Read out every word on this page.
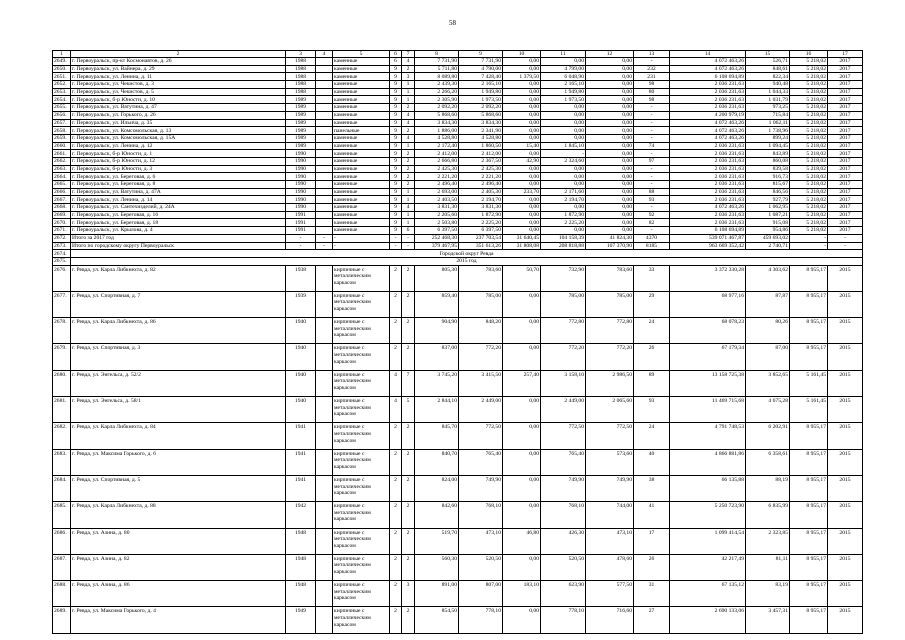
58
1	2	3	4	5	6	7	8	9	10	11	12	13	14	15	16	17
2649.	г. Первоуральск, пр-кт Космонавтов, д. 26	1988		каменные	6	4	7 731,90	7 731,90	0,00	0,00	0,00	-	4 072 463,26	526,71	5 218,02	2017
2650.	г. Первоуральск, ул. Вайнера, д. 29	1988		каменные	9	2	5 711,80	4 790,00	0,00	4 799,00	0,00	232	4 072 463,26	848,61	5 218,02	2017
2651.	г. Первоуральск, ул. Ленина, д. 11	1988		каменные	9	3	8 089,80	7 428,40	1 379,50	6 048,90	0,00	231	6 108 694,89	822,34	5 218,02	2017
2652.	г. Первоуральск, ул. Чекистов, д. 3	1988		каменные	9	1	2 439,30	2 165,10	0,00	2 165,10	0,00	98	2 036 231,63	940,48	5 218,02	2017
2653.	г. Первоуральск, ул. Чекистов, д. 5	1988		каменные	9	1	2 266,20	1 949,80	0,00	1 949,80	0,00	80	2 036 231,63	1 044,33	5 218,02	2017
2654.	г. Первоуральск, б-р Юности, д. 10	1989		каменные	9	1	2 305,90	1 973,50	0,00	1 973,50	0,00	98	2 036 231,63	1 031,79	5 218,02	2017
2655.	г. Первоуральск, ул. Ватутина, д. 47	1989		каменные	9	2	2 092,20	2 092,20	0,00	0,00	0,00	-	2 036 231,63	973,25	5 218,02	2017
2656.	г. Первоуральск, ул. Горького, д. 26	1989		каменные	9	4	5 868,60	5 868,60	0,00	0,00	0,00	-	4 200 979,19	715,84	5 218,02	2017
2657.	г. Первоуральск, ул. Ильича, д. 35	1989		каменные	9	4	3 834,30	3 834,30	0,00	0,00	0,00	-	4 072 463,26	1 062,11	5 218,02	2017
2658.	г. Первоуральск, ул. Комсомольская, д. 13	1989		панельные	9	2	1 886,00	2 341,90	0,00	0,00	0,00	-	4 072 463,26	1 738,96	5 218,02	2017
2659.	г. Первоуральск, ул. Комсомольская, д. 15А	1989		каменные	9	4	4 528,80	4 528,80	0,00	0,00	0,00	-	4 072 463,26	899,24	5 218,02	2017
2660.	г. Первоуральск, ул. Ленина, д. 12	1989		каменные	9	1	2 172,40	1 860,50	15,40	1 845,10	0,00	74	2 036 231,63	1 094,45	5 218,02	2017
2661.	г. Первоуральск, б-р Юности, д. 1	1990		каменные	9	2	2 412,00	2 412,00	0,00	-	0,00	-	2 036 231,63	843,89	5 218,02	2017
2662.	г. Первоуральск, б-р Юности, д. 12	1990		каменные	9	2	2 666,80	2 367,50	42,90	2 324,60	0,00	97	2 036 231,63	860,08	5 218,02	2017
2663.	г. Первоуральск, б-р Юности, д. 3	1990		каменные	9	2	2 425,30	2 425,30	0,00	0,00	0,00	-	2 036 231,63	839,58	5 218,02	2017
2664.	г. Первоуральск, ул. Береговая, д. 6	1990		каменные	9	2	2 221,20	2 221,20	0,00	0,00	0,00	-	2 036 231,63	916,73	5 218,02	2017
2665.	г. Первоуральск, ул. Береговая, д. 8	1990		каменные	9	2	2 496,40	2 496,40	0,00	0,00	0,00	-	2 036 231,63	815,67	5 218,02	2017
2666.	г. Первоуральск, ул. Ватутина, д. 47А	1990		каменные	9	1	2 693,00	2 405,30	233,70	2 171,60	0,00	88	2 036 231,63	846,56	5 218,02	2017
2667.	г. Первоуральск, ул. Ленина, д. 14	1990		каменные	9	1	2 403,50	2 194,70	0,00	2 194,70	0,00	93	2 036 231,63	927,79	5 218,02	2017
2668.	г. Первоуральск, ул. Сантехизделий, д. 24А	1990		каменные	9	4	3 831,30	3 831,30	0,00	0,00	0,00	-	4 072 463,26	1 062,95	5 218,02	2017
2669.	г. Первоуральск, ул. Береговая, д. 16	1991		каменные	9	1	2 205,60	1 872,90	0,00	1 872,90	0,00	92	2 036 231,63	1 087,21	5 218,02	2017
2670.	г. Первоуральск, ул. Береговая, д. 18	1991		каменные	9	1	2 503,80	2 225,20	0,00	2 225,20	0,00	82	2 036 231,63	915,08	5 218,02	2017
2671.	г. Первоуральск, ул. Крылова, д. 4	1991		каменные	9	6	6 397,50	6 397,50	0,00	0,00	0,00	-	6 108 694,89	954,86	5 218,02	2017
2672.	Итого за 2017 год	-	-	-	-	-	252 468,30	237 703,54	31 640,45	104 158,39	41 824,30	4370	539 071 467,87	459 693,02	-	-
2673.	Итого по городскому округу Первоуральск	-	-	-	-	-	379 467,95	351 613,26	31 808,08	208 818,88	107 370,90	8185	963 669 352,42	2 740,71	-	-
2674.	Городской округ Ревда															
2675.	2015 год															
2676.	г. Ревда, ул. Карла Либкнехта, д. 82	1938		кирпичные с металлическим каркасом	2	2	805,30	783,60	50,70	732,90	783,60	33	3 372 330,28	4 303,62	8 955,17	2015
2677.	г. Ревда, ул. Спортивная, д. 7	1939		кирпичные с металлическим каркасом	2	2	859,40	785,00	0,00	785,00	785,00	29	68 977,16	87,87	8 955,17	2015
2678.	г. Ревда, ул. Карла Либкнехта, д. 86	1940		кирпичные с металлическим каркасом	2	2	904,90	848,20	0,00	772,80	772,80	24	68 078,23	80,26	8 955,17	2015
2679.	г. Ревда, ул. Спортивная, д. 3	1940		кирпичные с металлическим каркасом	2	2	837,00	772,20	0,00	772,20	772,20	26	67 179,34	87,00	8 955,17	2015
2680.	г. Ревда, ул. Энгельса, д. 52/2	1940		кирпичные с металлическим каркасом	4	7	3 745,20	3 415,50	257,40	3 158,10	2 986,50	89	13 158 725,38	3 852,65	5 161,45	2015
2681.	г. Ревда, ул. Энгельса, д. 58/1	1940		кирпичные с металлическим каркасом	4	5	2 844,10	2 449,00	0,00	2 449,00	2 065,60	93	11 469 715,68	4 675,28	5 161,45	2015
2682.	г. Ревда, ул. Карла Либкнехта, д. 84	1941		кирпичные с металлическим каркасом	2	2	845,70	772,50	0,00	772,50	772,50	24	4 791 748,53	6 202,91	8 955,17	2015
2683.	г. Ревда, ул. Максима Горького, д. 6	1941		кирпичные с металлическим каркасом	2	2	840,70	765,40	0,00	765,40	573,60	40	4 866 881,86	6 358,61	8 955,17	2015
2684.	г. Ревда, ул. Спортивная, д. 5	1941		кирпичные с металлическим каркасом	2	2	824,00	749,90	0,00	749,90	749,90	38	66 135,88	88,19	8 955,17	2015
2685.	г. Ревда, ул. Карла Либкнехта, д. 88	1942		кирпичные с металлическим каркасом	2	2	842,60	768,10	0,00	768,10	744,00	41	5 250 723,90	6 835,99	8 955,17	2015
2686.	г. Ревда, ул. Азина, д. 80	1948		кирпичные с металлическим каркасом	2	2	519,70	473,10	46,80	426,30	473,10	17	1 099 414,54	2 323,85	8 955,17	2015
2687.	г. Ревда, ул. Азина, д. 82	1948		кирпичные с металлическим каркасом	2	2	560,30	520,50	0,00	520,50	478,60	26	42 217,49	81,11	8 955,17	2015
2688.	г. Ревда, ул. Азина, д. 86	1948		кирпичные с металлическим каркасом	2	3	891,00	807,00	183,10	623,90	577,50	31	67 135,12	83,19	8 955,17	2015
2689.	г. Ревда, ул. Максима Горького, д. 4	1949		кирпичные с металлическим каркасом	2	2	854,50	778,10	0,00	778,10	716,60	27	2 690 133,06	3 457,31	8 955,17	2015
